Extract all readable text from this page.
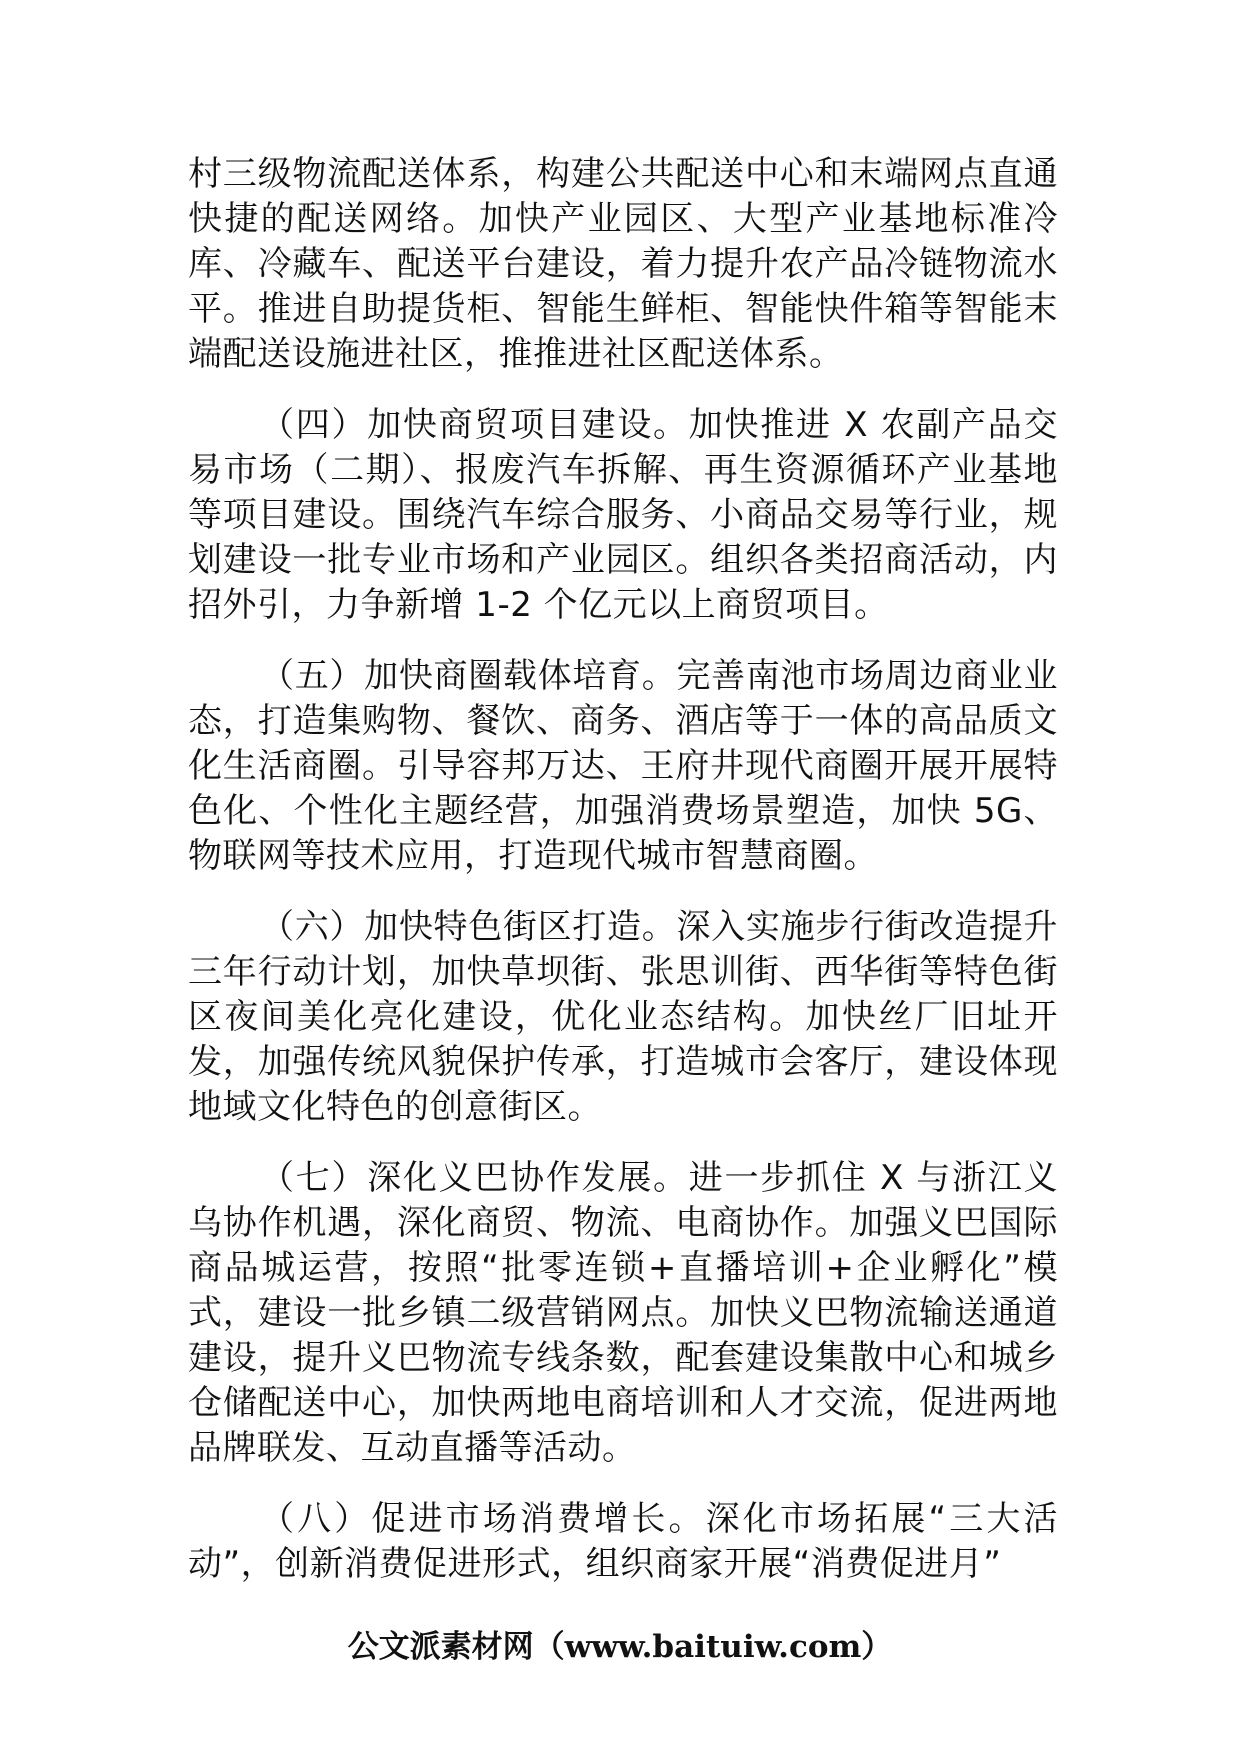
村三级物流配送体系，构建公共配送中心和末端网点直通快捷的配送网络。加快产业园区、大型产业基地标准冷库、冷藏车、配送平台建设，着力提升农产品冷链物流水平。推进自助提货柜、智能生鲜柜、智能快件箱等智能末端配送设施进社区，推推进社区配送体系。

（四）加快商贸项目建设。加快推进 X 农副产品交易市场（二期）、报废汽车拆解、再生资源循环产业基地等项目建设。围绕汽车综合服务、小商品交易等行业，规划建设一批专业市场和产业园区。组织各类招商活动，内招外引，力争新增 1-2 个亿元以上商贸项目。

（五）加快商圈载体培育。完善南池市场周边商业业态，打造集购物、餐饮、商务、酒店等于一体的高品质文化生活商圈。引导容邦万达、王府井现代商圈开展开展特色化、个性化主题经营，加强消费场景塑造，加快 5G、物联网等技术应用，打造现代城市智慧商圈。

（六）加快特色街区打造。深入实施步行街改造提升三年行动计划，加快草坝街、张思训街、西华街等特色街区夜间美化亮化建设，优化业态结构。加快丝厂旧址开发，加强传统风貌保护传承，打造城市会客厅，建设体现地域文化特色的创意街区。

（七）深化义巴协作发展。进一步抓住 X 与浙江义乌协作机遇，深化商贸、物流、电商协作。加强义巴国际商品城运营，按照“批零连锁+直播培训+企业孵化”模式，建设一批乡镇二级营销网点。加快义巴物流输送通道建设，提升义巴物流专线条数，配套建设集散中心和城乡仓储配送中心，加快两地电商培训和人才交流，促进两地品牌联发、互动直播等活动。

（八）促进市场消费增长。深化市场拓展“三大活动”，创新消费促进形式，组织商家开展“消费促进月”

公文派素材网（www.baituiw.com）
